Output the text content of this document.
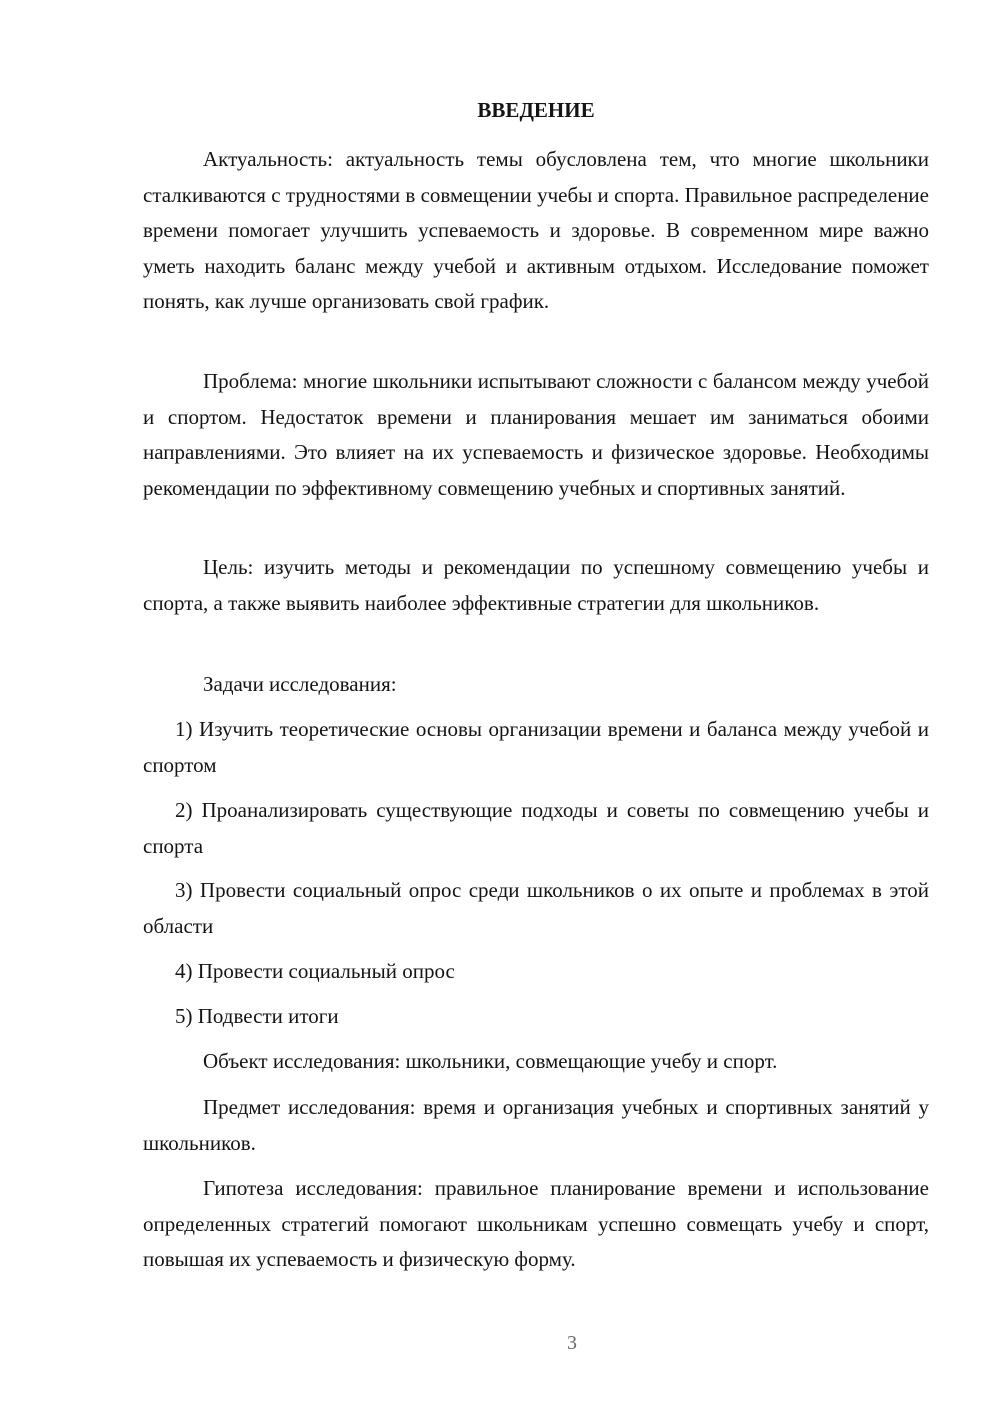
ВВЕДЕНИЕ

Актуальность: актуальность темы обусловлена тем, что многие школьники сталкиваются с трудностями в совмещении учебы и спорта. Правильное распределение времени помогает улучшить успеваемость и здоровье. В современном мире важно уметь находить баланс между учебой и активным отдыхом. Исследование поможет понять, как лучше организовать свой график.

Проблема: многие школьники испытывают сложности с балансом между учебой и спортом. Недостаток времени и планирования мешает им заниматься обоими направлениями. Это влияет на их успеваемость и физическое здоровье. Необходимы рекомендации по эффективному совмещению учебных и спортивных занятий.

Цель: изучить методы и рекомендации по успешному совмещению учебы и спорта, а также выявить наиболее эффективные стратегии для школьников.

Задачи исследования:

1) Изучить теоретические основы организации времени и баланса между учебой и спортом

2) Проанализировать существующие подходы и советы по совмещению учебы и спорта

3) Провести социальный опрос среди школьников о их опыте и проблемах в этой области

4) Провести социальный опрос

5) Подвести итоги

Объект исследования: школьники, совмещающие учебу и спорт.

Предмет исследования: время и организация учебных и спортивных занятий у школьников.

Гипотеза исследования: правильное планирование времени и использование определенных стратегий помогают школьникам успешно совмещать учебу и спорт, повышая их успеваемость и физическую форму.

3
